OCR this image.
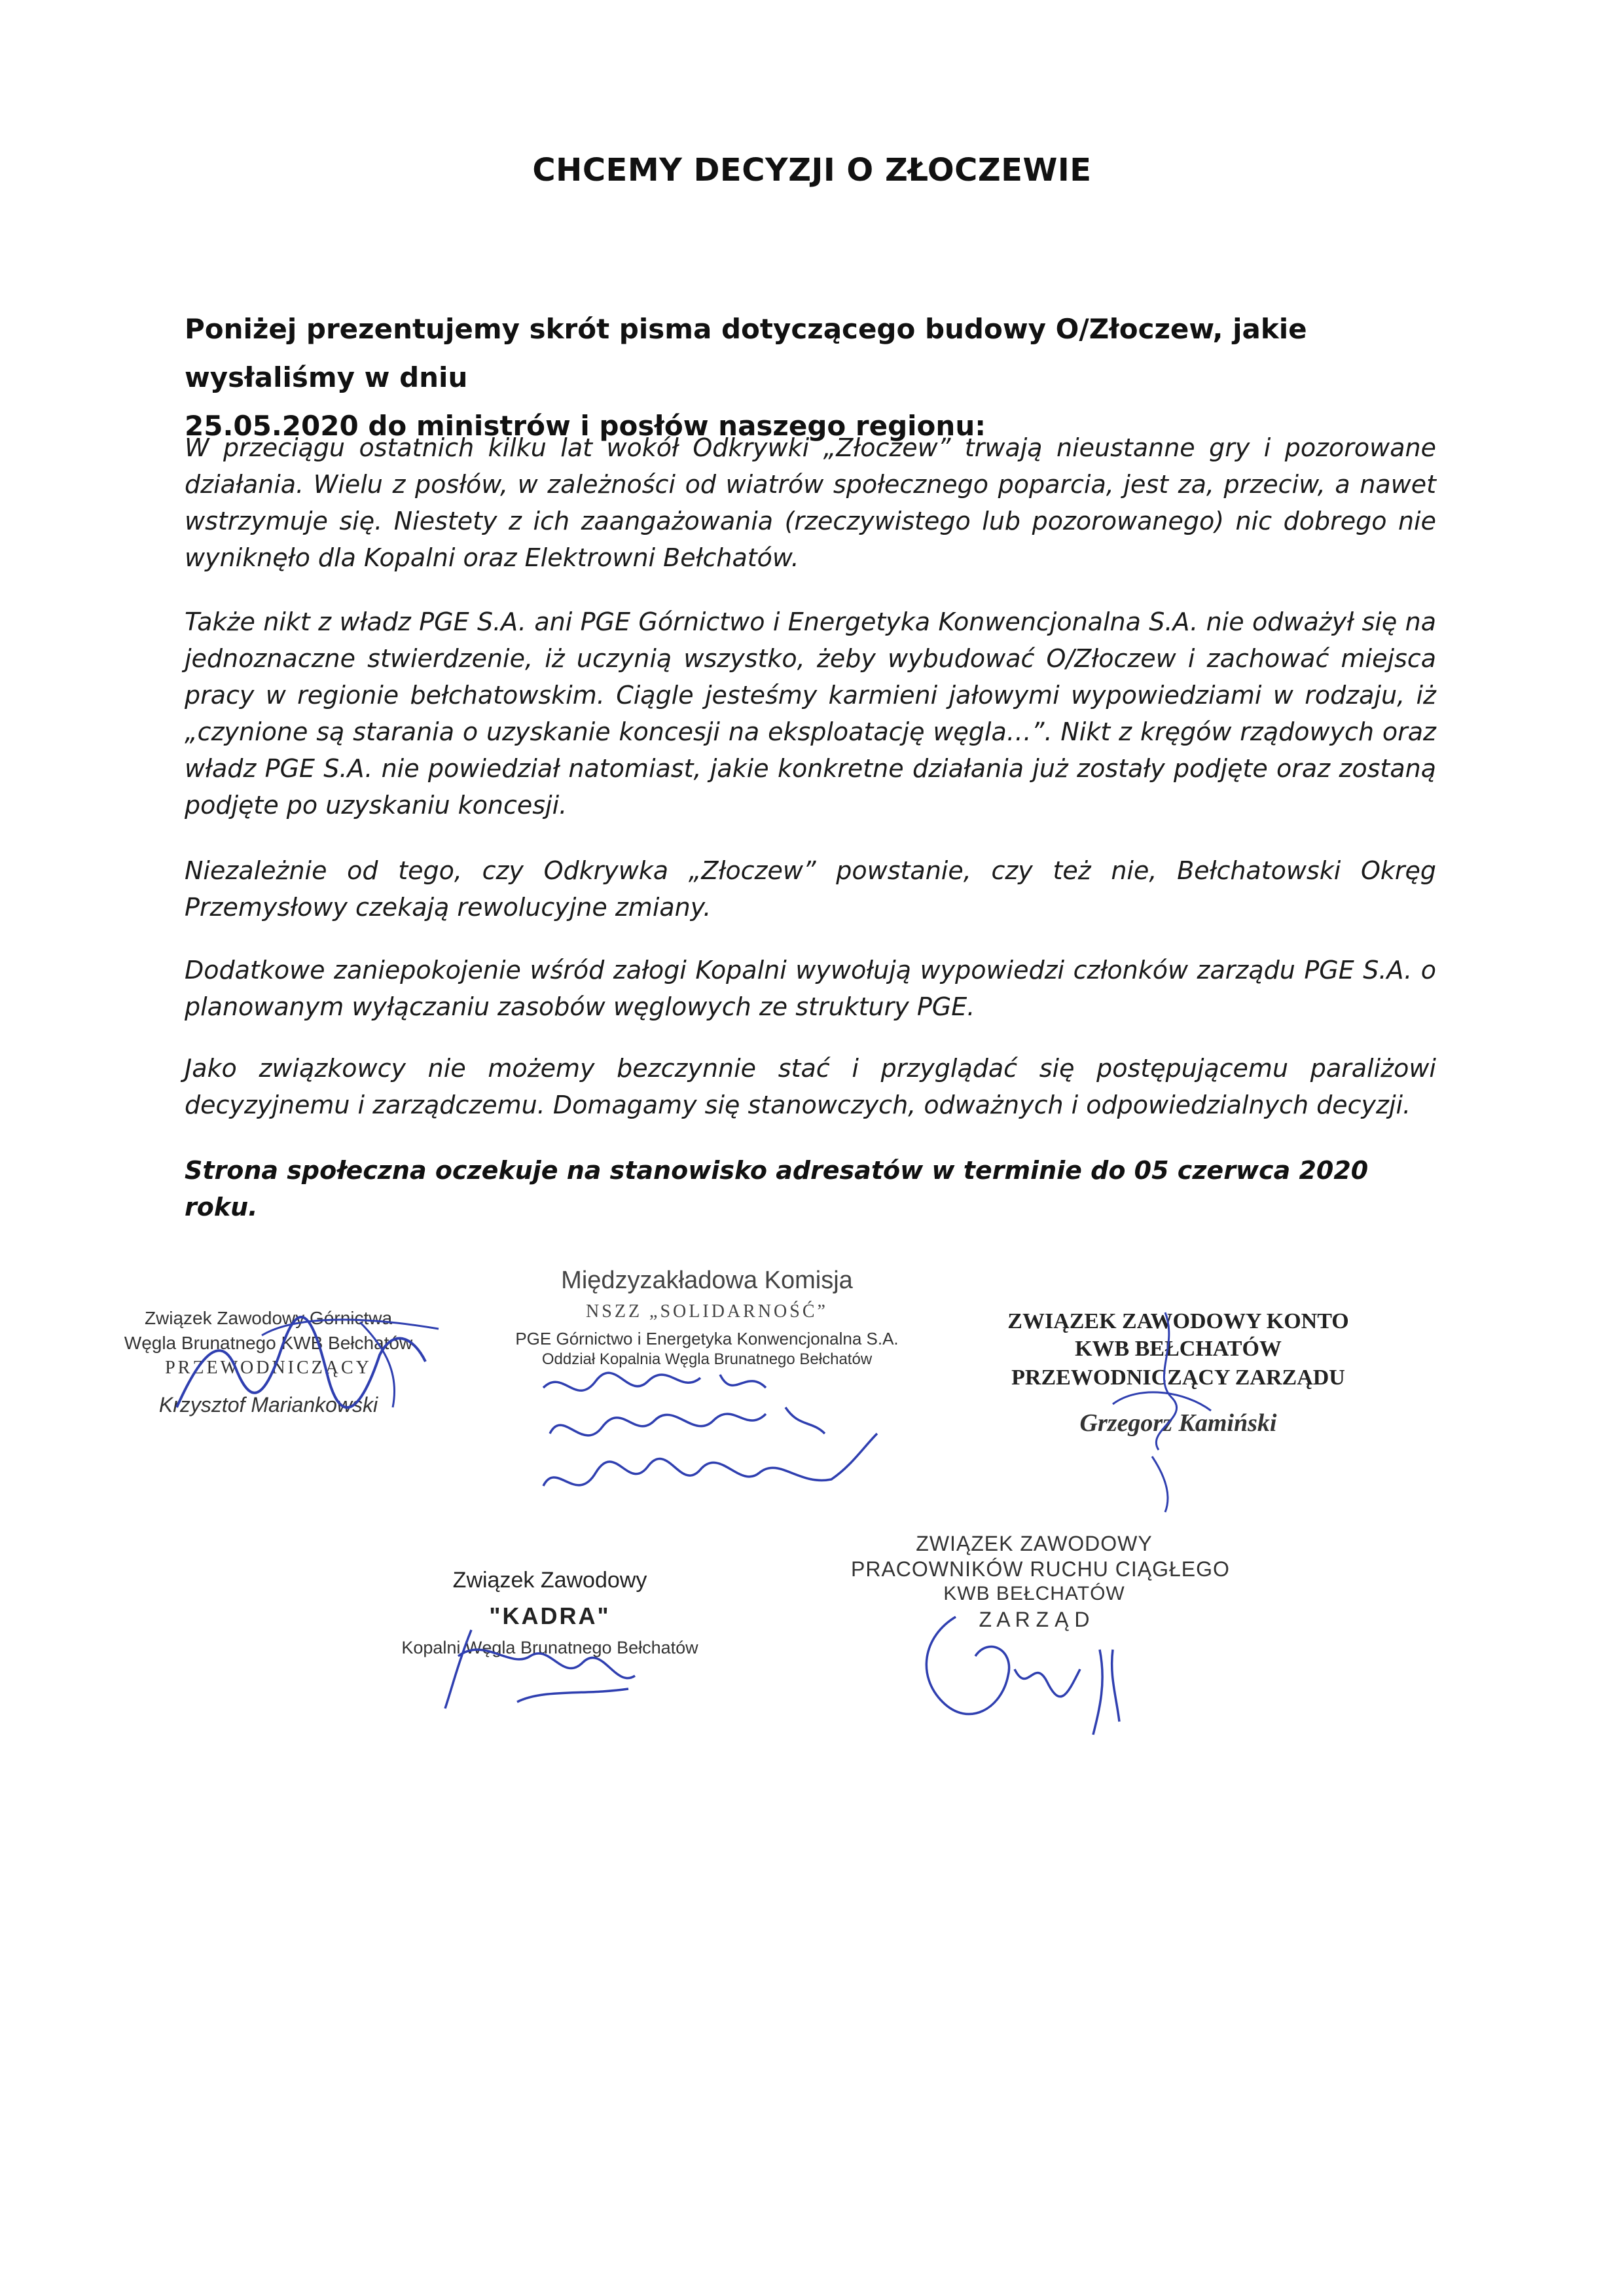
CHCEMY DECYZJI O ZŁOCZEWIE
Poniżej prezentujemy skrót pisma dotyczącego budowy O/Złoczew, jakie wysłaliśmy w dniu
25.05.2020 do ministrów i posłów naszego regionu:
W przeciągu ostatnich kilku lat wokół Odkrywki „Złoczew” trwają nieustanne gry i pozorowane działania. Wielu z posłów, w zależności od wiatrów społecznego poparcia, jest za, przeciw, a nawet wstrzymuje się. Niestety z ich zaangażowania (rzeczywistego lub pozorowanego) nic dobrego nie wyniknęło dla Kopalni oraz Elektrowni Bełchatów.
Także nikt z władz PGE S.A. ani PGE Górnictwo i Energetyka Konwencjonalna S.A. nie odważył się na jednoznaczne stwierdzenie, iż uczynią wszystko, żeby wybudować O/Złoczew i zachować miejsca pracy w regionie bełchatowskim. Ciągle jesteśmy karmieni jałowymi wypowiedziami w rodzaju, iż „czynione są starania o uzyskanie koncesji na eksploatację węgla…”. Nikt z kręgów rządowych oraz władz PGE S.A. nie powiedział natomiast, jakie konkretne działania już zostały podjęte oraz zostaną podjęte po uzyskaniu koncesji.
Niezależnie od tego, czy Odkrywka „Złoczew” powstanie, czy też nie, Bełchatowski Okręg Przemysłowy czekają rewolucyjne zmiany.
Dodatkowe zaniepokojenie wśród załogi Kopalni wywołują wypowiedzi członków zarządu PGE S.A. o planowanym wyłączaniu zasobów węglowych ze struktury PGE.
Jako związkowcy nie możemy bezczynnie stać i przyglądać się postępującemu paraliżowi decyzyjnemu i zarządczemu. Domagamy się stanowczych, odważnych i odpowiedzialnych decyzji.
Strona społeczna oczekuje na stanowisko adresatów w terminie do 05 czerwca 2020 roku.
Związek Zawodowy Górnictwa
Węgla Brunatnego KWB Bełchatów
PRZEWODNICZĄCY
Krzysztof Mariankowski
Międzyzakładowa Komisja
NSZZ „SOLIDARNOŚĆ”
PGE Górnictwo i Energetyka Konwencjonalna S.A.
Oddział Kopalnia Węgla Brunatnego Bełchatów
ZWIĄZEK ZAWODOWY KONTO
KWB BEŁCHATÓW
PRZEWODNICZĄCY ZARZĄDU
Grzegorz Kamiński
Związek Zawodowy
"KADRA"
Kopalni Węgla Brunatnego Bełchatów
ZWIĄZEK ZAWODOWY
PRACOWNIKÓW RUCHU CIĄGŁEGO
KWB BEŁCHATÓW
Z A R Z Ą D
